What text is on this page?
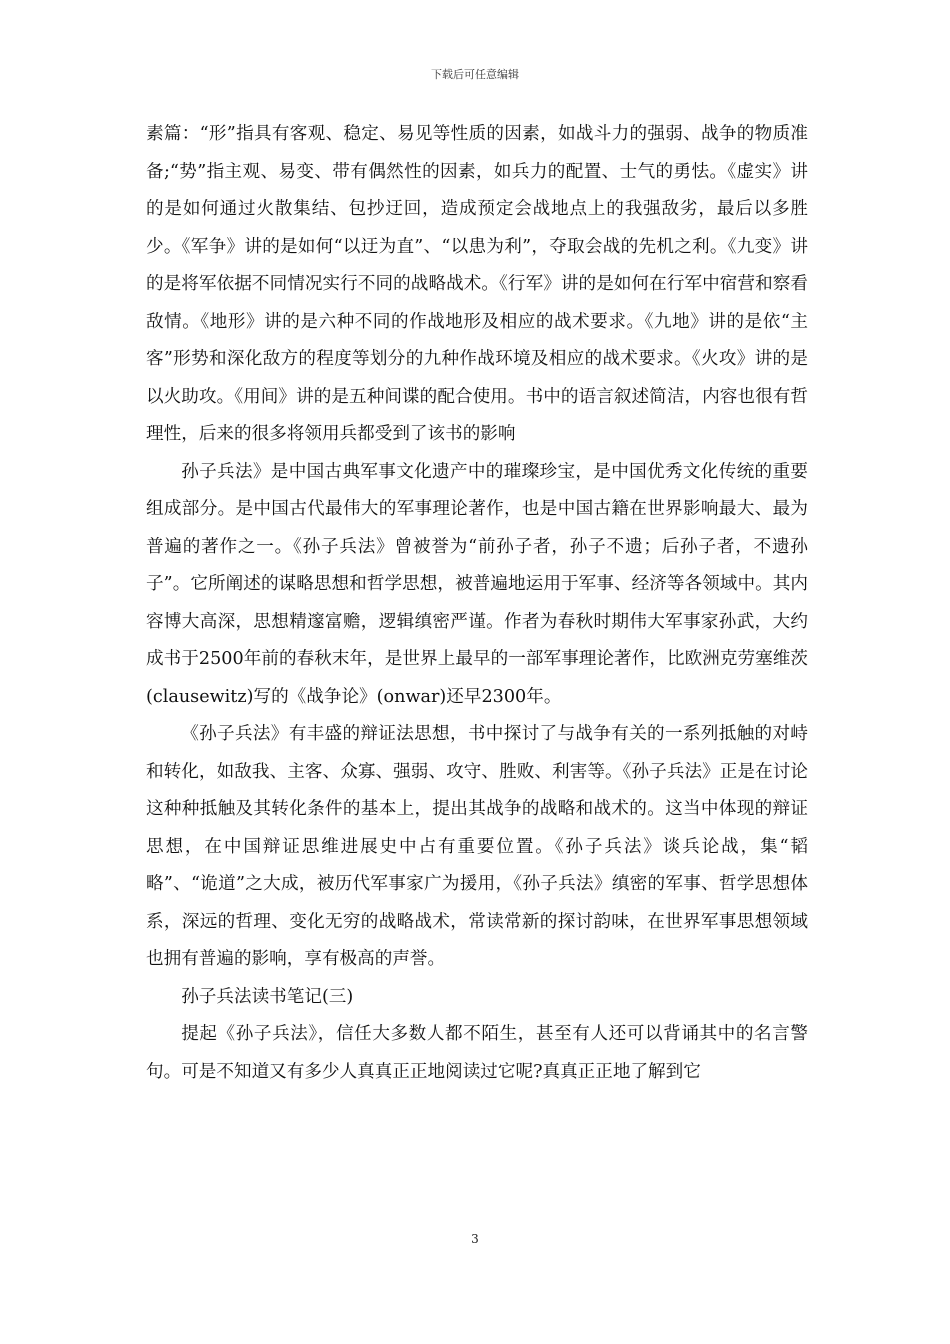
下载后可任意编辑

素篇：“形”指具有客观、稳定、易见等性质的因素，如战斗力的强弱、战争的物质准备;“势”指主观、易变、带有偶然性的因素，如兵力的配置、士气的勇怯。《虚实》讲的是如何通过火散集结、包抄迂回，造成预定会战地点上的我强敌劣，最后以多胜少。《军争》讲的是如何“以迂为直”、“以患为利”，夺取会战的先机之利。《九变》讲的是将军依据不同情况实行不同的战略战术。《行军》讲的是如何在行军中宿营和察看敌情。《地形》讲的是六种不同的作战地形及相应的战术要求。《九地》讲的是依“主客”形势和深化敌方的程度等划分的九种作战环境及相应的战术要求。《火攻》讲的是以火助攻。《用间》讲的是五种间谍的配合使用。书中的语言叙述简洁，内容也很有哲理性，后来的很多将领用兵都受到了该书的影响

孙子兵法》是中国古典军事文化遗产中的璀璨珍宝，是中国优秀文化传统的重要组成部分。是中国古代最伟大的军事理论著作，也是中国古籍在世界影响最大、最为普遍的著作之一。《孙子兵法》曾被誉为“前孙子者，孙子不遗；后孙子者，不遗孙子”。它所阐述的谋略思想和哲学思想，被普遍地运用于军事、经济等各领域中。其内容博大高深，思想精邃富赡，逻辑缜密严谨。作者为春秋时期伟大军事家孙武，大约成书于2500年前的春秋末年，是世界上最早的一部军事理论著作，比欧洲克劳塞维茨(clausewitz)写的《战争论》(onwar)还早2300年。

《孙子兵法》有丰盛的辩证法思想，书中探讨了与战争有关的一系列抵触的对峙和转化，如敌我、主客、众寡、强弱、攻守、胜败、利害等。《孙子兵法》正是在讨论这种种抵触及其转化条件的基本上，提出其战争的战略和战术的。这当中体现的辩证思想，在中国辩证思维进展史中占有重要位置。《孙子兵法》谈兵论战，集“韬略”、“诡道”之大成，被历代军事家广为援用，《孙子兵法》缜密的军事、哲学思想体系，深远的哲理、变化无穷的战略战术，常读常新的探讨韵味，在世界军事思想领域也拥有普遍的影响，享有极高的声誉。

孙子兵法读书笔记(三)

提起《孙子兵法》，信任大多数人都不陌生，甚至有人还可以背诵其中的名言警句。可是不知道又有多少人真真正正地阅读过它呢?真真正正地了解到它

3
